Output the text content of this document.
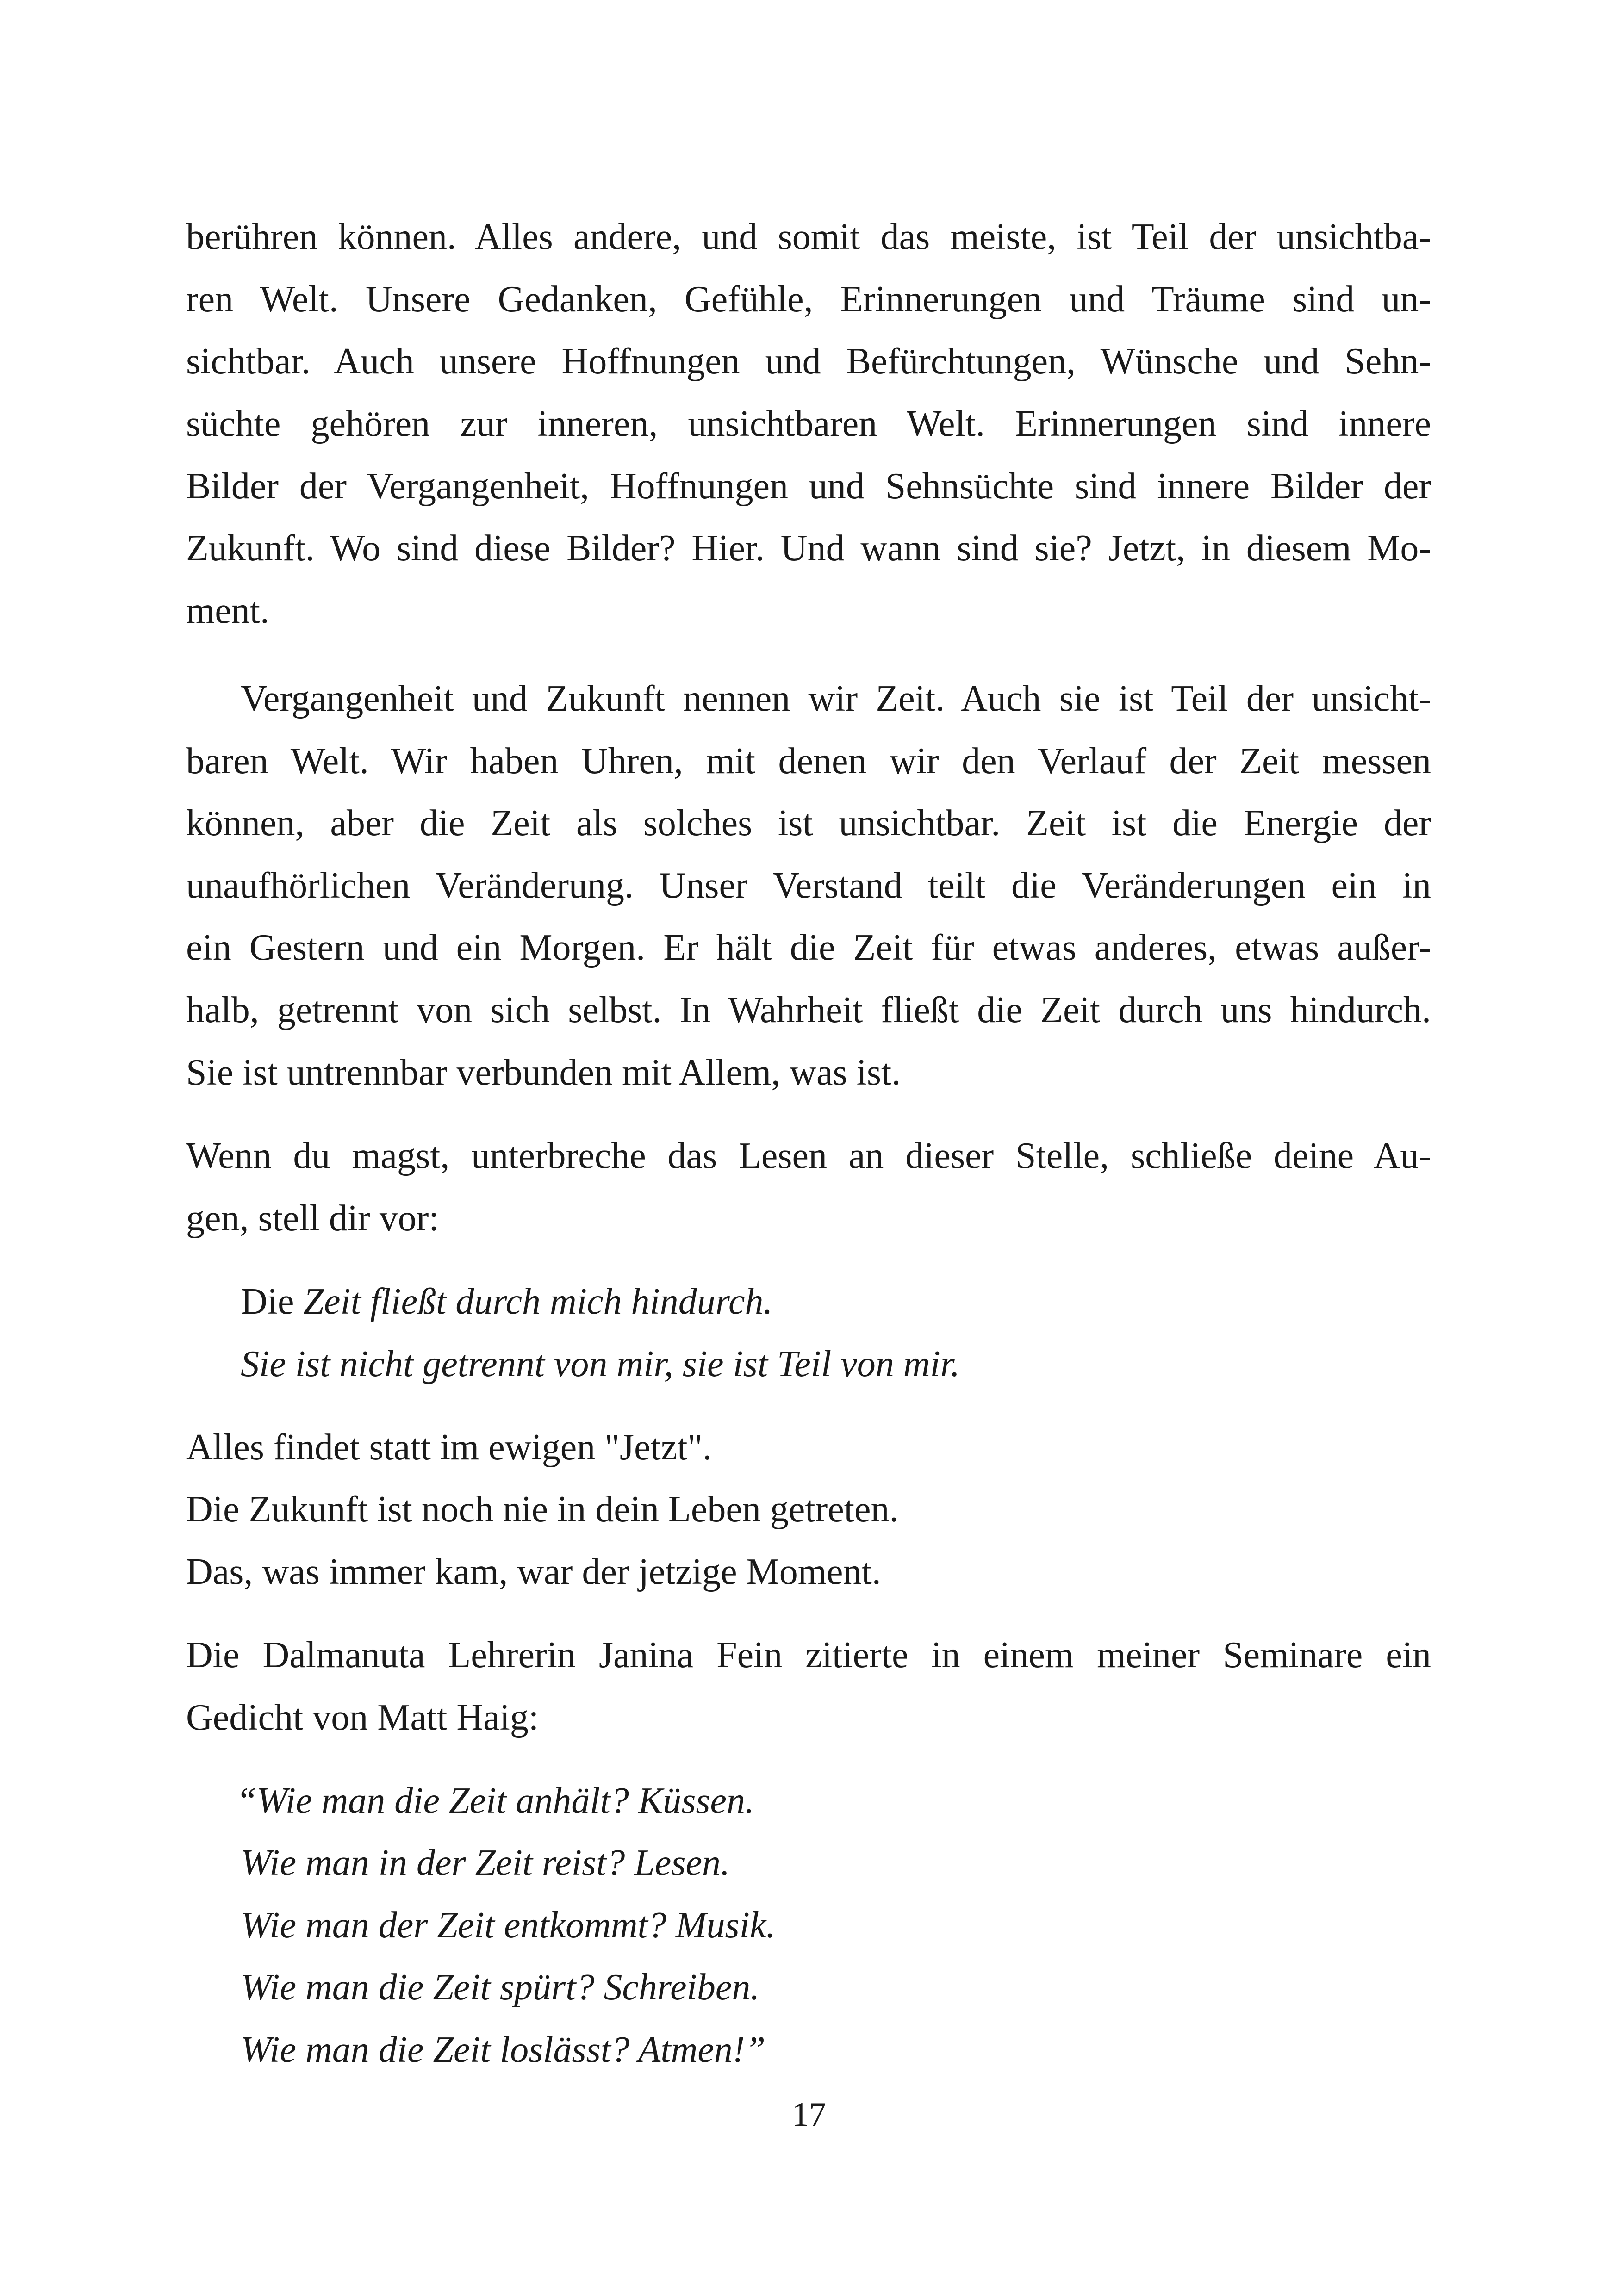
berühren können. Alles andere, und somit das meiste, ist Teil der unsichtba-
ren Welt. Unsere Gedanken, Gefühle, Erinnerungen und Träume sind un-
sichtbar. Auch unsere Hoffnungen und Befürchtungen, Wünsche und Sehn-
süchte gehören zur inneren, unsichtbaren Welt. Erinnerungen sind innere
Bilder der Vergangenheit, Hoffnungen und Sehnsüchte sind innere Bilder der
Zukunft. Wo sind diese Bilder? Hier. Und wann sind sie? Jetzt, in diesem Mo-
ment.
Vergangenheit und Zukunft nennen wir Zeit. Auch sie ist Teil der unsicht-
baren Welt. Wir haben Uhren, mit denen wir den Verlauf der Zeit messen
können, aber die Zeit als solches ist unsichtbar. Zeit ist die Energie der
unaufhörlichen Veränderung. Unser Verstand teilt die Veränderungen ein in
ein Gestern und ein Morgen. Er hält die Zeit für etwas anderes, etwas außer-
halb, getrennt von sich selbst. In Wahrheit fließt die Zeit durch uns hindurch.
Sie ist untrennbar verbunden mit Allem, was ist.
Wenn du magst, unterbreche das Lesen an dieser Stelle, schließe deine Au-
gen, stell dir vor:
Die Zeit fließt durch mich hindurch.
Sie ist nicht getrennt von mir, sie ist Teil von mir.
Alles findet statt im ewigen "Jetzt".
Die Zukunft ist noch nie in dein Leben getreten.
Das, was immer kam, war der jetzige Moment.
Die Dalmanuta Lehrerin Janina Fein zitierte in einem meiner Seminare ein
Gedicht von Matt Haig:
“Wie man die Zeit anhält? Küssen.
Wie man in der Zeit reist? Lesen.
Wie man der Zeit entkommt? Musik.
Wie man die Zeit spürt? Schreiben.
Wie man die Zeit loslässt? Atmen!”
17
